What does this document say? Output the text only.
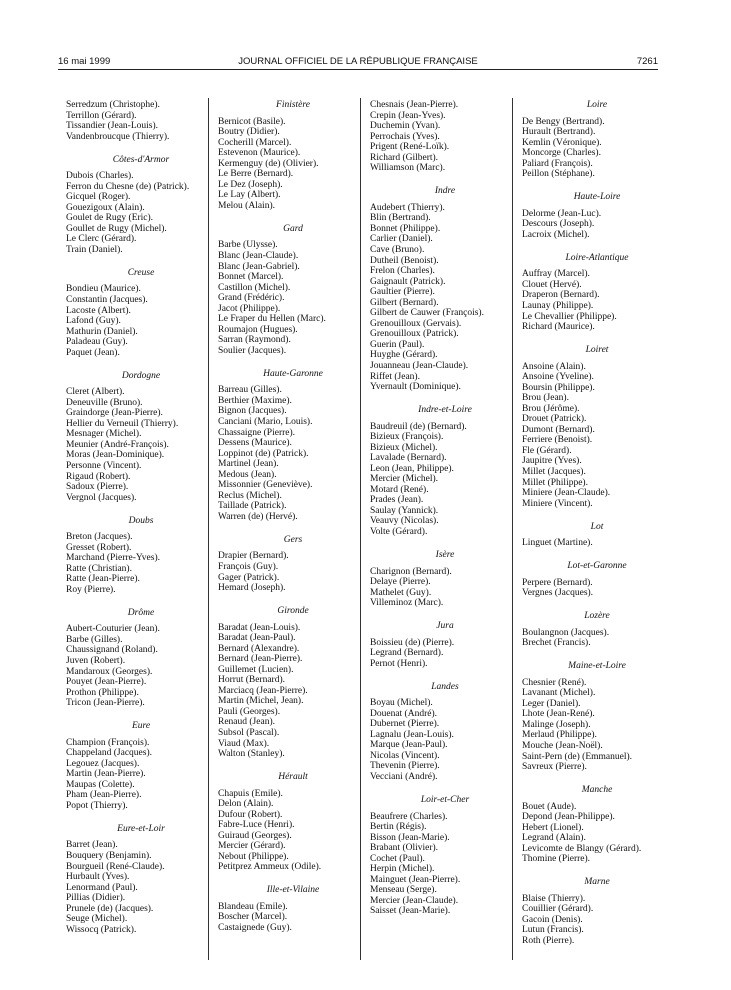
16 mai 1999	JOURNAL OFFICIEL DE LA RÉPUBLIQUE FRANÇAISE	7261
Serredzum (Christophe).
Terrillon (Gérard).
Tissandier (Jean-Louis).
Vandenbroucque (Thierry).
Côtes-d'Armor
Dubois (Charles).
Ferron du Chesne (de) (Patrick).
Gicquel (Roger).
Gouezigoux (Alain).
Goulet de Rugy (Eric).
Goullet de Rugy (Michel).
Le Clerc (Gérard).
Train (Daniel).
Creuse
Bondieu (Maurice).
Constantin (Jacques).
Lacoste (Albert).
Lafond (Guy).
Mathurin (Daniel).
Paladeau (Guy).
Paquet (Jean).
Dordogne
Cleret (Albert).
Deneuville (Bruno).
Graindorge (Jean-Pierre).
Hellier du Verneuil (Thierry).
Mesnager (Michel).
Meunier (André-François).
Moras (Jean-Dominique).
Personne (Vincent).
Rigaud (Robert).
Sadoux (Pierre).
Vergnol (Jacques).
Doubs
Breton (Jacques).
Gresset (Robert).
Marchand (Pierre-Yves).
Ratte (Christian).
Ratte (Jean-Pierre).
Roy (Pierre).
Drôme
Aubert-Couturier (Jean).
Barbe (Gilles).
Chaussignand (Roland).
Juven (Robert).
Mandaroux (Georges).
Pouyet (Jean-Pierre).
Prothon (Philippe).
Tricon (Jean-Pierre).
Eure
Champion (François).
Chappeland (Jacques).
Legouez (Jacques).
Martin (Jean-Pierre).
Maupas (Colette).
Pham (Jean-Pierre).
Popot (Thierry).
Eure-et-Loir
Barret (Jean).
Bouquery (Benjamin).
Bourgueil (René-Claude).
Hurbault (Yves).
Lenormand (Paul).
Pillias (Didier).
Prunele (de) (Jacques).
Seuge (Michel).
Wissocq (Patrick).
Finistère
Bernicot (Basile).
Boutry (Didier).
Cocherill (Marcel).
Estevenon (Maurice).
Kermenguy (de) (Olivier).
Le Berre (Bernard).
Le Dez (Joseph).
Le Lay (Albert).
Melou (Alain).
Gard
Barbe (Ulysse).
Blanc (Jean-Claude).
Blanc (Jean-Gabriel).
Bonnet (Marcel).
Castillon (Michel).
Grand (Frédéric).
Jacot (Philippe).
Le Fraper du Hellen (Marc).
Roumajon (Hugues).
Sarran (Raymond).
Soulier (Jacques).
Haute-Garonne
Barreau (Gilles).
Berthier (Maxime).
Bignon (Jacques).
Canciani (Mario, Louis).
Chassaigne (Pierre).
Dessens (Maurice).
Loppinot (de) (Patrick).
Martinel (Jean).
Medous (Jean).
Missonnier (Geneviève).
Reclus (Michel).
Taillade (Patrick).
Warren (de) (Hervé).
Gers
Drapier (Bernard).
François (Guy).
Gager (Patrick).
Hemard (Joseph).
Gironde
Baradat (Jean-Louis).
Baradat (Jean-Paul).
Bernard (Alexandre).
Bernard (Jean-Pierre).
Guillemet (Lucien).
Horrut (Bernard).
Marciacq (Jean-Pierre).
Martin (Michel, Jean).
Pauli (Georges).
Renaud (Jean).
Subsol (Pascal).
Viaud (Max).
Walton (Stanley).
Hérault
Chapuis (Emile).
Delon (Alain).
Dufour (Robert).
Fabre-Luce (Henri).
Guiraud (Georges).
Mercier (Gérard).
Nebout (Philippe).
Petitprez Ammeux (Odile).
Ille-et-Vilaine
Blandeau (Emile).
Boscher (Marcel).
Castaignede (Guy).
Chesnais (Jean-Pierre).
Crepin (Jean-Yves).
Duchemin (Yvan).
Perrochais (Yves).
Prigent (René-Loïk).
Richard (Gilbert).
Williamson (Marc).
Indre
Audebert (Thierry).
Blin (Bertrand).
Bonnet (Philippe).
Carlier (Daniel).
Cave (Bruno).
Dutheil (Benoist).
Frelon (Charles).
Gaignault (Patrick).
Gaultier (Pierre).
Gilbert (Bernard).
Gilbert de Cauwer (François).
Grenouilloux (Gervais).
Grenouilloux (Patrick).
Guerin (Paul).
Huyghe (Gérard).
Jouanneau (Jean-Claude).
Riffet (Jean).
Yvernault (Dominique).
Indre-et-Loire
Baudreuil (de) (Bernard).
Bizieux (François).
Bizieux (Michel).
Lavalade (Bernard).
Leon (Jean, Philippe).
Mercier (Michel).
Motard (René).
Prades (Jean).
Saulay (Yannick).
Veauvy (Nicolas).
Volte (Gérard).
Isère
Charignon (Bernard).
Delaye (Pierre).
Mathelet (Guy).
Villeminoz (Marc).
Jura
Boissieu (de) (Pierre).
Legrand (Bernard).
Pernot (Henri).
Landes
Boyau (Michel).
Douenat (André).
Dubernet (Pierre).
Lagnalu (Jean-Louis).
Marque (Jean-Paul).
Nicolas (Vincent).
Thevenin (Pierre).
Vecciani (André).
Loir-et-Cher
Beaufrere (Charles).
Bertin (Régis).
Bisson (Jean-Marie).
Brabant (Olivier).
Cochet (Paul).
Herpin (Michel).
Mainguet (Jean-Pierre).
Menseau (Serge).
Mercier (Jean-Claude).
Saisset (Jean-Marie).
Loire
De Bengy (Bertrand).
Hurault (Bertrand).
Kemlin (Véronique).
Moncorge (Charles).
Paliard (François).
Peillon (Stéphane).
Haute-Loire
Delorme (Jean-Luc).
Descours (Joseph).
Lacroix (Michel).
Loire-Atlantique
Auffray (Marcel).
Clouet (Hervé).
Draperon (Bernard).
Launay (Philippe).
Le Chevallier (Philippe).
Richard (Maurice).
Loiret
Ansoine (Alain).
Ansoine (Yveline).
Boursin (Philippe).
Brou (Jean).
Brou (Jérôme).
Drouet (Patrick).
Dumont (Bernard).
Ferriere (Benoist).
Fle (Gérard).
Jaupitre (Yves).
Millet (Jacques).
Millet (Philippe).
Miniere (Jean-Claude).
Miniere (Vincent).
Lot
Linguet (Martine).
Lot-et-Garonne
Perpere (Bernard).
Vergnes (Jacques).
Lozère
Boulangnon (Jacques).
Brechet (Francis).
Maine-et-Loire
Chesnier (René).
Lavanant (Michel).
Leger (Daniel).
Lhote (Jean-René).
Malinge (Joseph).
Merlaud (Philippe).
Mouche (Jean-Noël).
Saint-Pern (de) (Emmanuel).
Savreux (Pierre).
Manche
Bouet (Aude).
Depond (Jean-Philippe).
Hebert (Lionel).
Legrand (Alain).
Levicomte de Blangy (Gérard).
Thomine (Pierre).
Marne
Blaise (Thierry).
Couillier (Gérard).
Gacoin (Denis).
Lutun (Francis).
Roth (Pierre).
